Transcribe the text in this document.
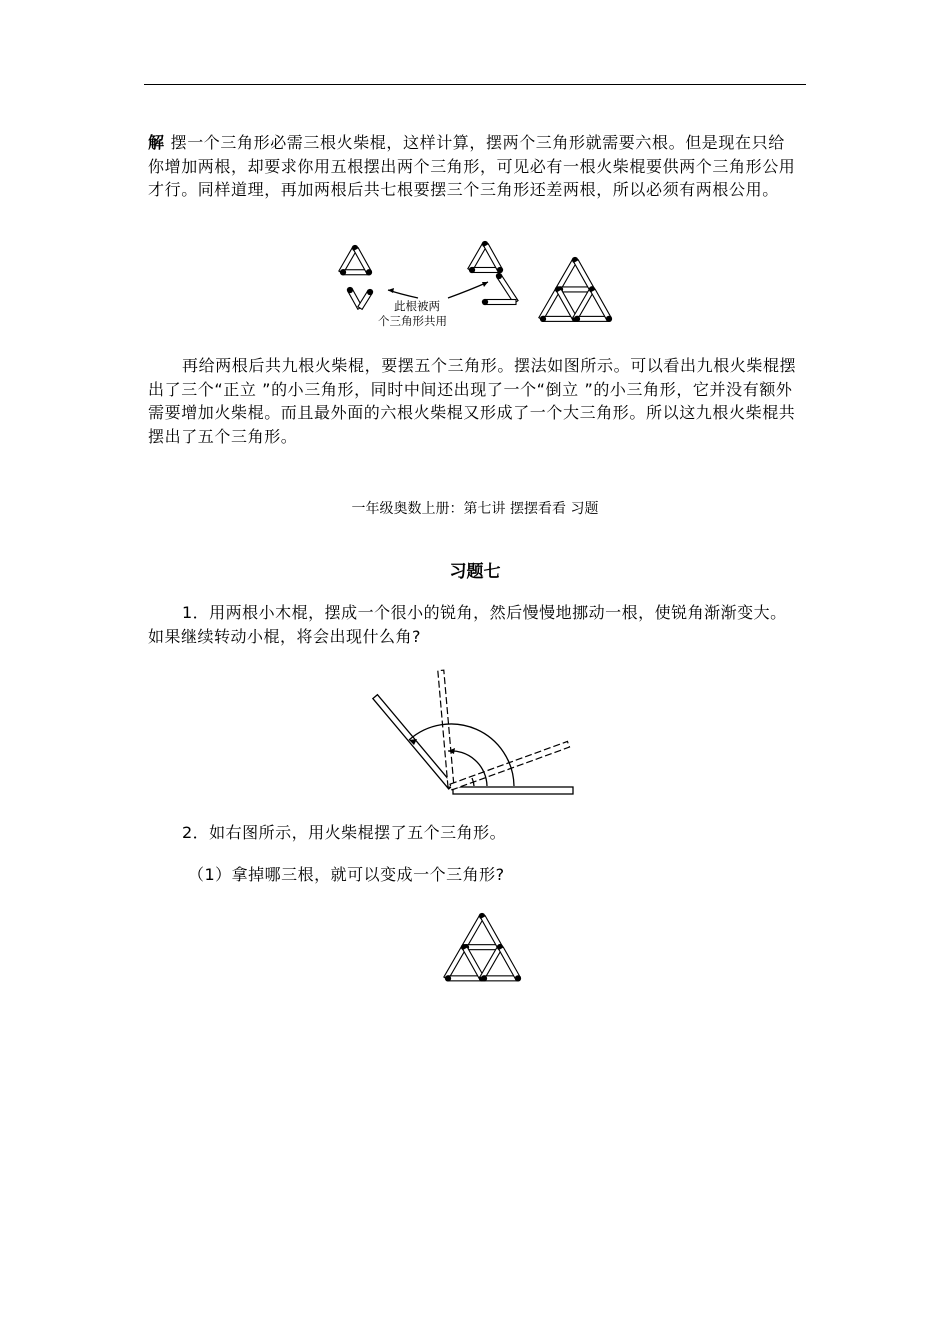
解 摆一个三角形必需三根火柴棍，这样计算，摆两个三角形就需要六根。但是现在只给你增加两根，却要求你用五根摆出两个三角形，可见必有一根火柴棍要供两个三角形公用才行。同样道理，再加两根后共七根要摆三个三角形还差两根，所以必须有两根公用。
此根被两
个三角形共用
再给两根后共九根火柴棍，要摆五个三角形。摆法如图所示。可以看出九根火柴棍摆出了三个“正立 ”的小三角形，同时中间还出现了一个“倒立 ”的小三角形，它并没有额外需要增加火柴棍。而且最外面的六根火柴棍又形成了一个大三角形。所以这九根火柴棍共摆出了五个三角形。
一年级奥数上册：第七讲 摆摆看看 习题
习题七
1．用两根小木棍，摆成一个很小的锐角，然后慢慢地挪动一根，使锐角渐渐变大。如果继续转动小棍，将会出现什么角?
2．如右图所示，用火柴棍摆了五个三角形。
（1）拿掉哪三根，就可以变成一个三角形?
